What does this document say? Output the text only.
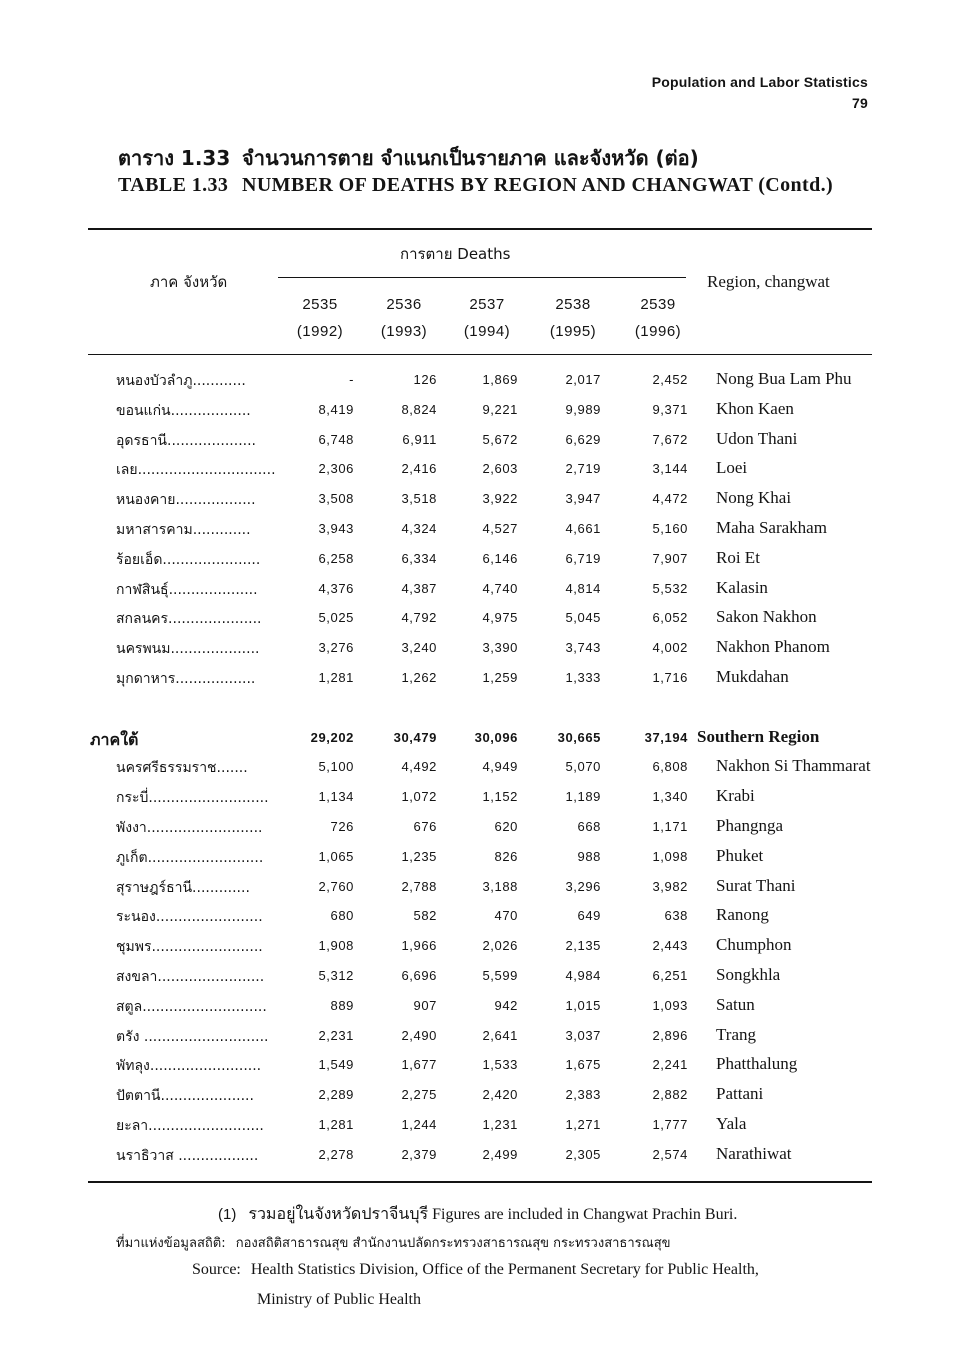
Population and Labor Statistics
79
ตาราง 1.33 จำนวนการตาย จำแนกเป็นรายภาค และจังหวัด (ต่อ)
TABLE 1.33 NUMBER OF DEATHS BY REGION AND CHANGWAT (Contd.)
ภาค จังหวัด
การตาย Deaths
Region, changwat
2535
(1992)
2536
(1993)
2537
(1994)
2538
(1995)
2539
(1996)
หนองบัวลำภู............	-	126	1,869	2,017	2,452 Nong Bua Lam Phu
ขอนแก่น..................	8,419	8,824	9,221	9,989	9,371 Khon Kaen
อุดรธานี....................	6,748	6,911	5,672	6,629	7,672 Udon Thani
เลย...............................	2,306	2,416	2,603	2,719	3,144 Loei
หนองคาย..................	3,508	3,518	3,922	3,947	4,472 Nong Khai
มหาสารคาม.............	3,943	4,324	4,527	4,661	5,160 Maha Sarakham
ร้อยเอ็ด......................	6,258	6,334	6,146	6,719	7,907 Roi Et
กาฬสินธุ์....................	4,376	4,387	4,740	4,814	5,532 Kalasin
สกลนคร.....................	5,025	4,792	4,975	5,045	6,052 Sakon Nakhon
นครพนม....................	3,276	3,240	3,390	3,743	4,002 Nakhon Phanom
มุกดาหาร..................	1,281	1,262	1,259	1,333	1,716 Mukdahan
ภาคใต้	29,202	30,479	30,096	30,665	37,194 Southern Region
นครศรีธรรมราช.......	5,100	4,492	4,949	5,070	6,808 Nakhon Si Thammarat
กระบี่...........................	1,134	1,072	1,152	1,189	1,340 Krabi
พังงา..........................	726	676	620	668	1,171 Phangnga
ภูเก็ต..........................	1,065	1,235	826	988	1,098 Phuket
สุราษฎร์ธานี.............	2,760	2,788	3,188	3,296	3,982 Surat Thani
ระนอง........................	680	582	470	649	638 Ranong
ชุมพร.........................	1,908	1,966	2,026	2,135	2,443 Chumphon
สงขลา........................	5,312	6,696	5,599	4,984	6,251 Songkhla
สตูล............................	889	907	942	1,015	1,093 Satun
ตรัง ............................	2,231	2,490	2,641	3,037	2,896 Trang
พัทลุง.........................	1,549	1,677	1,533	1,675	2,241 Phatthalung
ปัตตานี.....................	2,289	2,275	2,420	2,383	2,882 Pattani
ยะลา..........................	1,281	1,244	1,231	1,271	1,777 Yala
นราธิวาส ..................	2,278	2,379	2,499	2,305	2,574 Narathiwat
(1) รวมอยู่ในจังหวัดปราจีนบุรี Figures are included in Changwat Prachin Buri.
ที่มาแห่งข้อมูลสถิติ: กองสถิติสาธารณสุข สำนักงานปลัดกระทรวงสาธารณสุข กระทรวงสาธารณสุข
Source: Health Statistics Division, Office of the Permanent Secretary for Public Health,
Ministry of Public Health
